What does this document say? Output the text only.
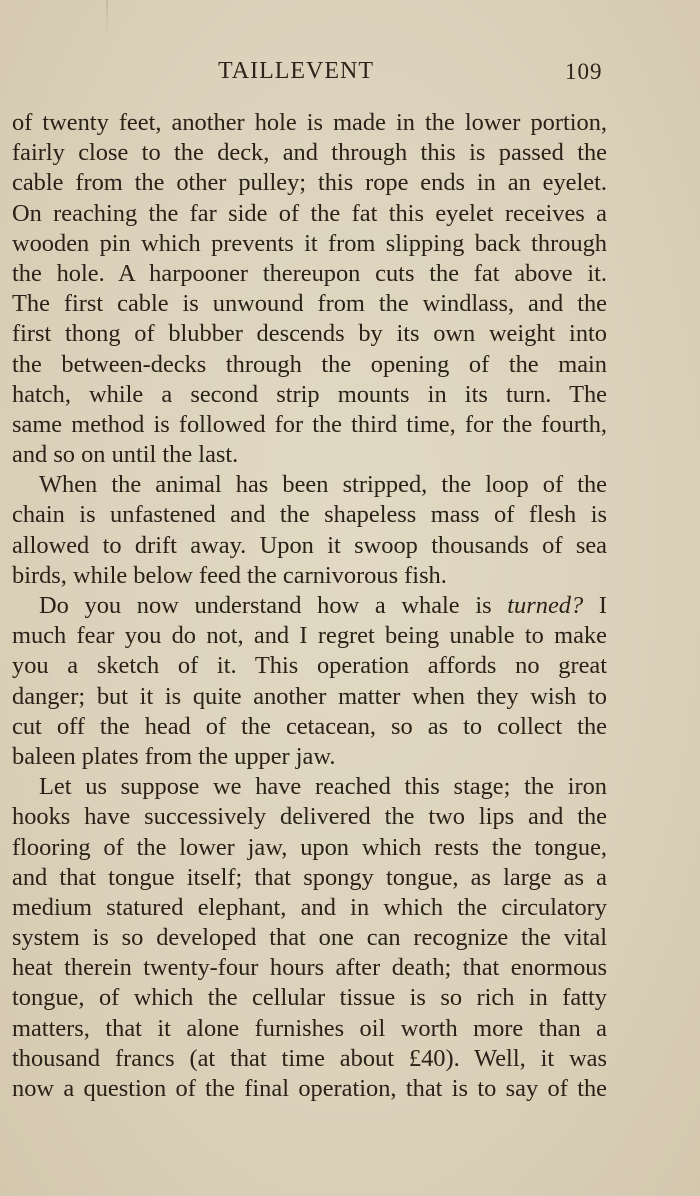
TAILLEVENT	109
of twenty feet, another hole is made in the lower portion,
fairly close to the deck, and through this is passed the
cable from the other pulley; this rope ends in an eyelet.
On reaching the far side of the fat this eyelet receives a
wooden pin which prevents it from slipping back through
the hole. A harpooner thereupon cuts the fat above it.
The first cable is unwound from the windlass, and the
first thong of blubber descends by its own weight into
the between-decks through the opening of the main
hatch, while a second strip mounts in its turn. The
same method is followed for the third time, for the fourth,
and so on until the last.
When the animal has been stripped, the loop of the
chain is unfastened and the shapeless mass of flesh is
allowed to drift away. Upon it swoop thousands of sea
birds, while below feed the carnivorous fish.
Do you now understand how a whale is turned? I
much fear you do not, and I regret being unable to make
you a sketch of it. This operation affords no great
danger; but it is quite another matter when they wish to
cut off the head of the cetacean, so as to collect the
baleen plates from the upper jaw.
Let us suppose we have reached this stage; the iron
hooks have successively delivered the two lips and the
flooring of the lower jaw, upon which rests the tongue,
and that tongue itself; that spongy tongue, as large as a
medium statured elephant, and in which the circulatory
system is so developed that one can recognize the vital
heat therein twenty-four hours after death; that enormous
tongue, of which the cellular tissue is so rich in fatty
matters, that it alone furnishes oil worth more than a
thousand francs (at that time about £40). Well, it was
now a question of the final operation, that is to say of the
